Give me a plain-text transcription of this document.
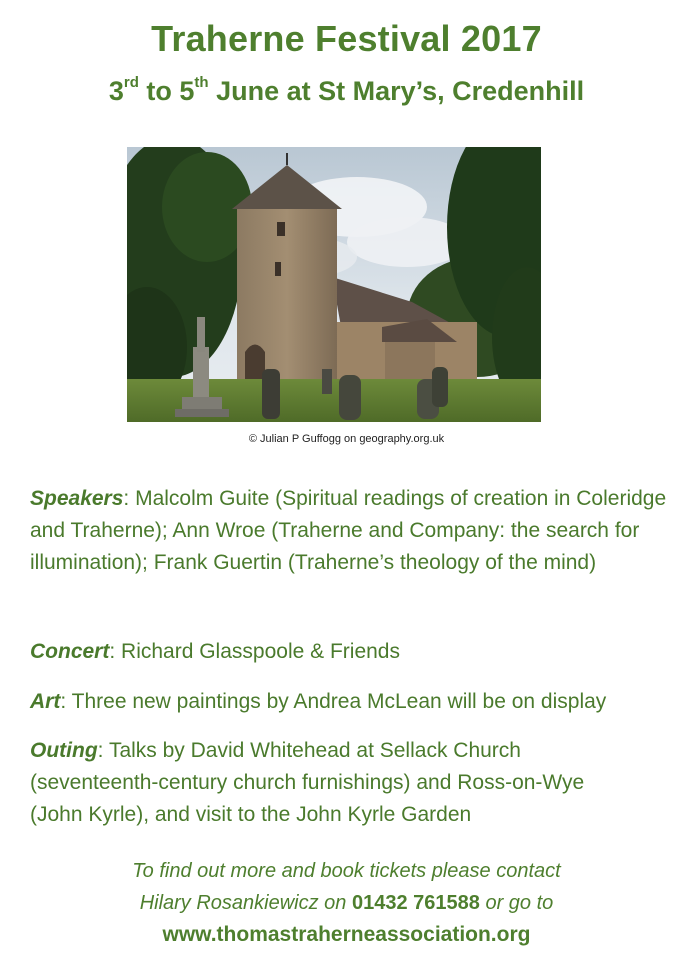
Traherne Festival 2017
3rd to 5th June at St Mary’s, Credenhill
© Julian P Guffogg on geography.org.uk
Speakers: Malcolm Guite (Spiritual readings of creation in Coleridge and Traherne); Ann Wroe (Traherne and Company: the search for illumination); Frank Guertin (Traherne’s theology of the mind)
Concert: Richard Glasspoole & Friends
Art: Three new paintings by Andrea McLean will be on display
Outing: Talks by David Whitehead at Sellack Church (seventeenth-century church furnishings) and Ross-on-Wye (John Kyrle), and visit to the John Kyrle Garden
To find out more and book tickets please contact
Hilary Rosankiewicz on 01432 761588 or go to
www.thomastraherneassociation.org
